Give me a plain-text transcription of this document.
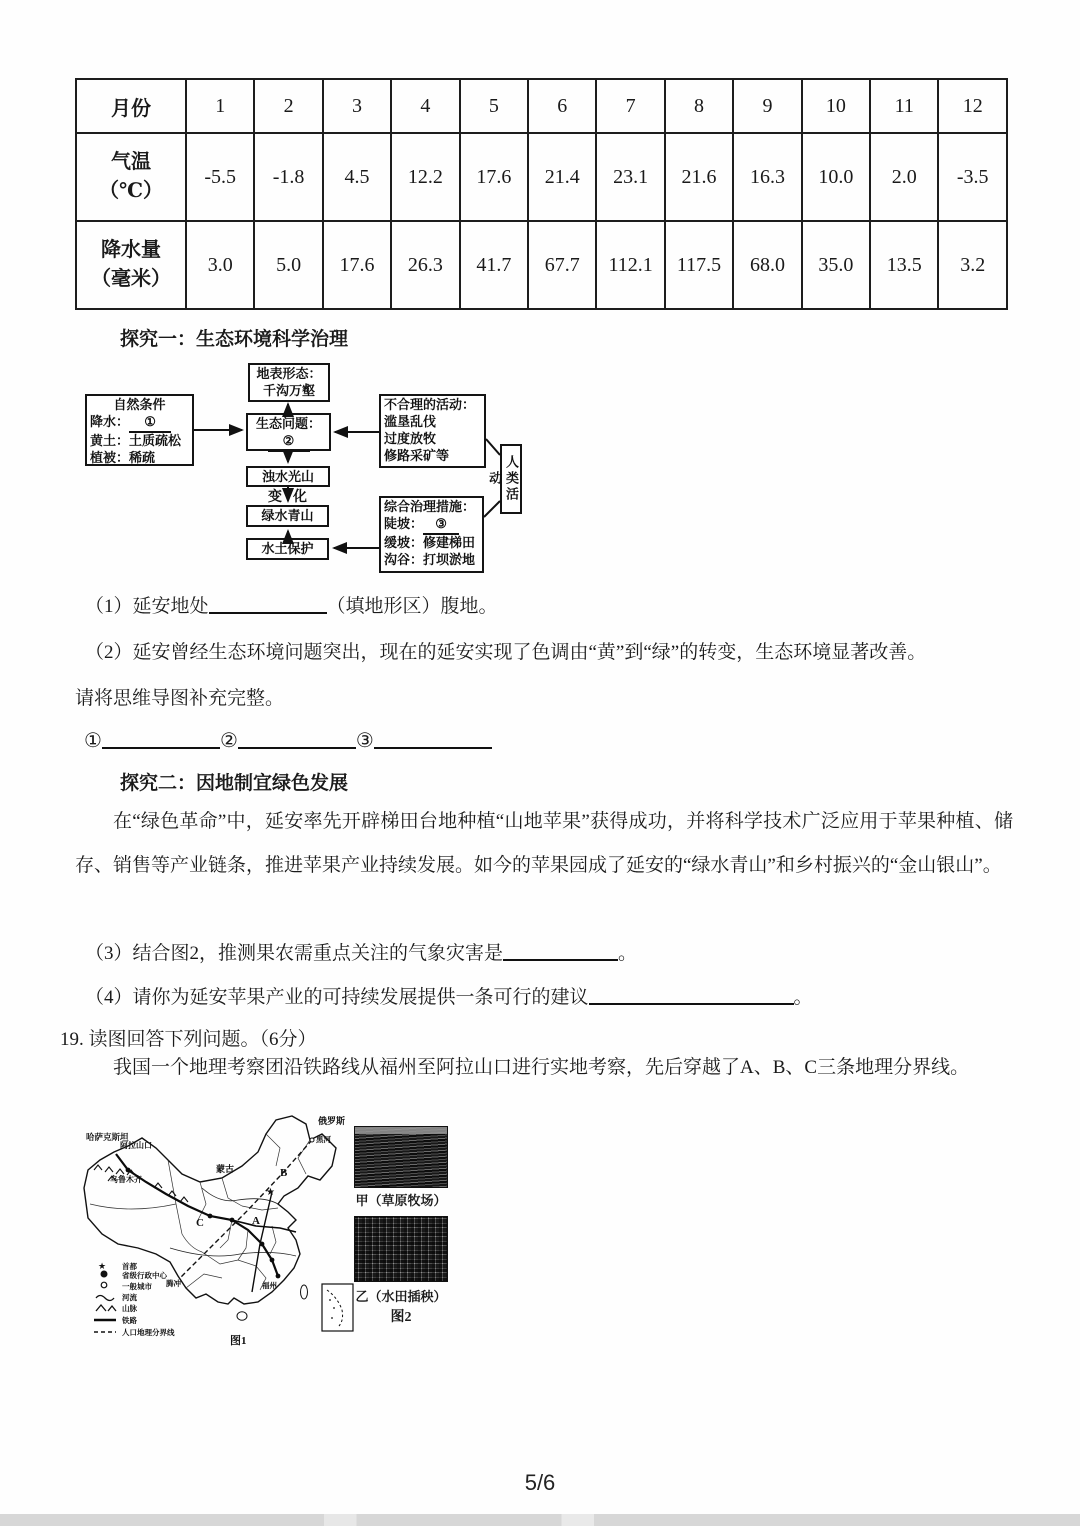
月份	1	2	3	4	5	6	7	8	9	10	11	12

气温
（℃）	-5.5	-1.8	4.5	12.2	17.6	21.4	23.1	21.6	16.3	10.0	2.0	-3.5

降水量
（毫米）	3.0	5.0	17.6	26.3	41.7	67.7	112.1	117.5	68.0	35.0	13.5	3.2
探究一：生态环境科学治理
自然条件
降水： ①
黄土：土质疏松
植被：稀疏
地表形态：
千沟万壑
生态问题：
②
不合理的活动：
滥垦乱伐
过度放牧
修路采矿等
浊水光山
变 化
绿水青山
水土保护
综合治理措施：
陡坡： ③
缓坡：修建梯田
沟谷：打坝淤地
人类活动
（1）延安地处	（填地形区）腹地。
（2）延安曾经生态环境问题突出，现在的延安实现了色调由“黄”到“绿”的转变，生态环境显著改善。
请将思维导图补充完整。
①	②	③
探究二：因地制宜绿色发展
在“绿色革命”中，延安率先开辟梯田台地种植“山地苹果”获得成功，并将科学技术广泛应用于苹果种植、储存、销售等产业链条，推进苹果产业持续发展。如今的苹果园成了延安的“绿水青山”和乡村振兴的“金山银山”。
（3）结合图2，推测果农需重点关注的气象灾害是	。
（4）请你为延安苹果产业的可持续发展提供一条可行的建议	。
19. 读图回答下列问题。（6分）
我国一个地理考察团沿铁路线从福州至阿拉山口进行实地考察，先后穿越了A、B、C三条地理分界线。
★
A
B
C
哈萨克斯坦
阿拉山口
乌鲁木齐
蒙古
俄罗斯
黑河
腾冲	福州
★ 首都
省级行政中心
一般城市
河流
山脉
铁路
人口地理分界线
图1
甲（草原牧场）
乙（水田插秧）
图2
5/6
